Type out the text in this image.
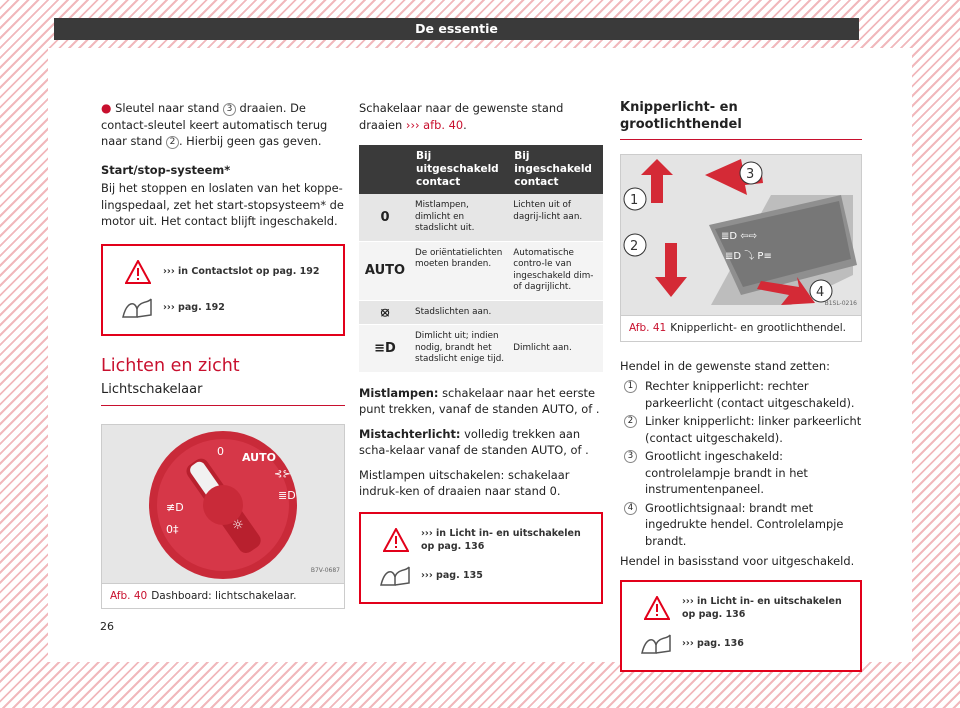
De essentie

● Sleutel naar stand 3 draaien. De contact-sleutel keert automatisch terug naar stand 2 . Hierbij geen gas geven.

Start/stop-systeem*

Bij het stoppen en loslaten van het koppe-lingspedaal, zet het start-stopsysteem* de motor uit. Het contact blijft ingeschakeld.

››› in Contactslot op pag. 192
››› pag. 192
Lichten en zicht
Lichtschakelaar
0 AUTO
⊰⊱
≣D
☼
≢D
0‡
B7V-0687
Afb. 40 Dashboard: lichtschakelaar.

Schakelaar naar de gewenste stand draaien ››› afb. 40.

	Bij uitgeschakeld contact	Bij ingeschakeld contact
0	Mistlampen, dimlicht en stadslicht uit.	Lichten uit of dagrij-licht aan.
AUTO	De oriëntatielichten moeten branden.	Automatische contro-le van ingeschakeld dim- of dagrijlicht.
⦻	Stadslichten aan.	
≡D	Dimlicht uit; indien nodig, brandt het stadslicht enige tijd.	Dimlicht aan.

Mistlampen: schakelaar naar het eerste punt trekken, vanaf de standen AUTO, of .

Mistachterlicht: volledig trekken aan scha-kelaar vanaf de standen AUTO, of .

Mistlampen uitschakelen: schakelaar indruk-ken of draaien naar stand 0.

››› in Licht in- en uitschakelen op pag. 136
››› pag. 135
Knipperlicht- en grootlichthendel
3
1
2
4
≣D ⇦⇨
≣D ⤵ P≡
B1SL-0216
Afb. 41 Knipperlicht- en grootlichthendel.

Hendel in de gewenste stand zetten:

1	Rechter knipperlicht: rechter parkeerlicht (contact uitgeschakeld).
2	Linker knipperlicht: linker parkeerlicht (contact uitgeschakeld).
3	Grootlicht ingeschakeld: controlelampje brandt in het instrumentenpaneel.
4	Grootlichtsignaal: brandt met ingedrukte hendel. Controlelampje brandt.

Hendel in basisstand voor uitgeschakeld.

››› in Licht in- en uitschakelen op pag. 136
››› pag. 136
26
